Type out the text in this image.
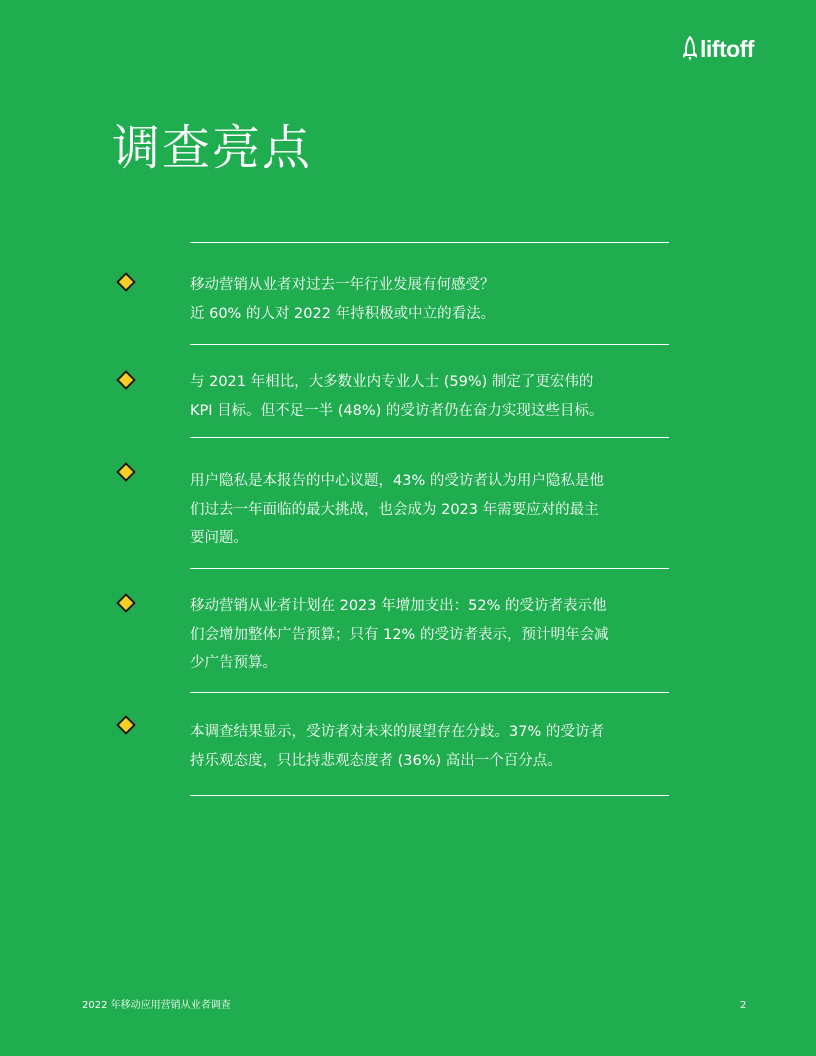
liftoff
调查亮点
移动营销从业者对过去一年行业发展有何感受？
近 60% 的人对 2022 年持积极或中立的看法。
与 2021 年相比，大多数业内专业人士 (59%) 制定了更宏伟的
KPI 目标。但不足一半 (48%) 的受访者仍在奋力实现这些目标。
用户隐私是本报告的中心议题，43% 的受访者认为用户隐私是他
们过去一年面临的最大挑战，也会成为 2023 年需要应对的最主
要问题。
移动营销从业者计划在 2023 年增加支出：52% 的受访者表示他
们会增加整体广告预算；只有 12% 的受访者表示，预计明年会减
少广告预算。
本调查结果显示，受访者对未来的展望存在分歧。37% 的受访者
持乐观态度，只比持悲观态度者 (36%) 高出一个百分点。
2022 年移动应用营销从业者调查	2
